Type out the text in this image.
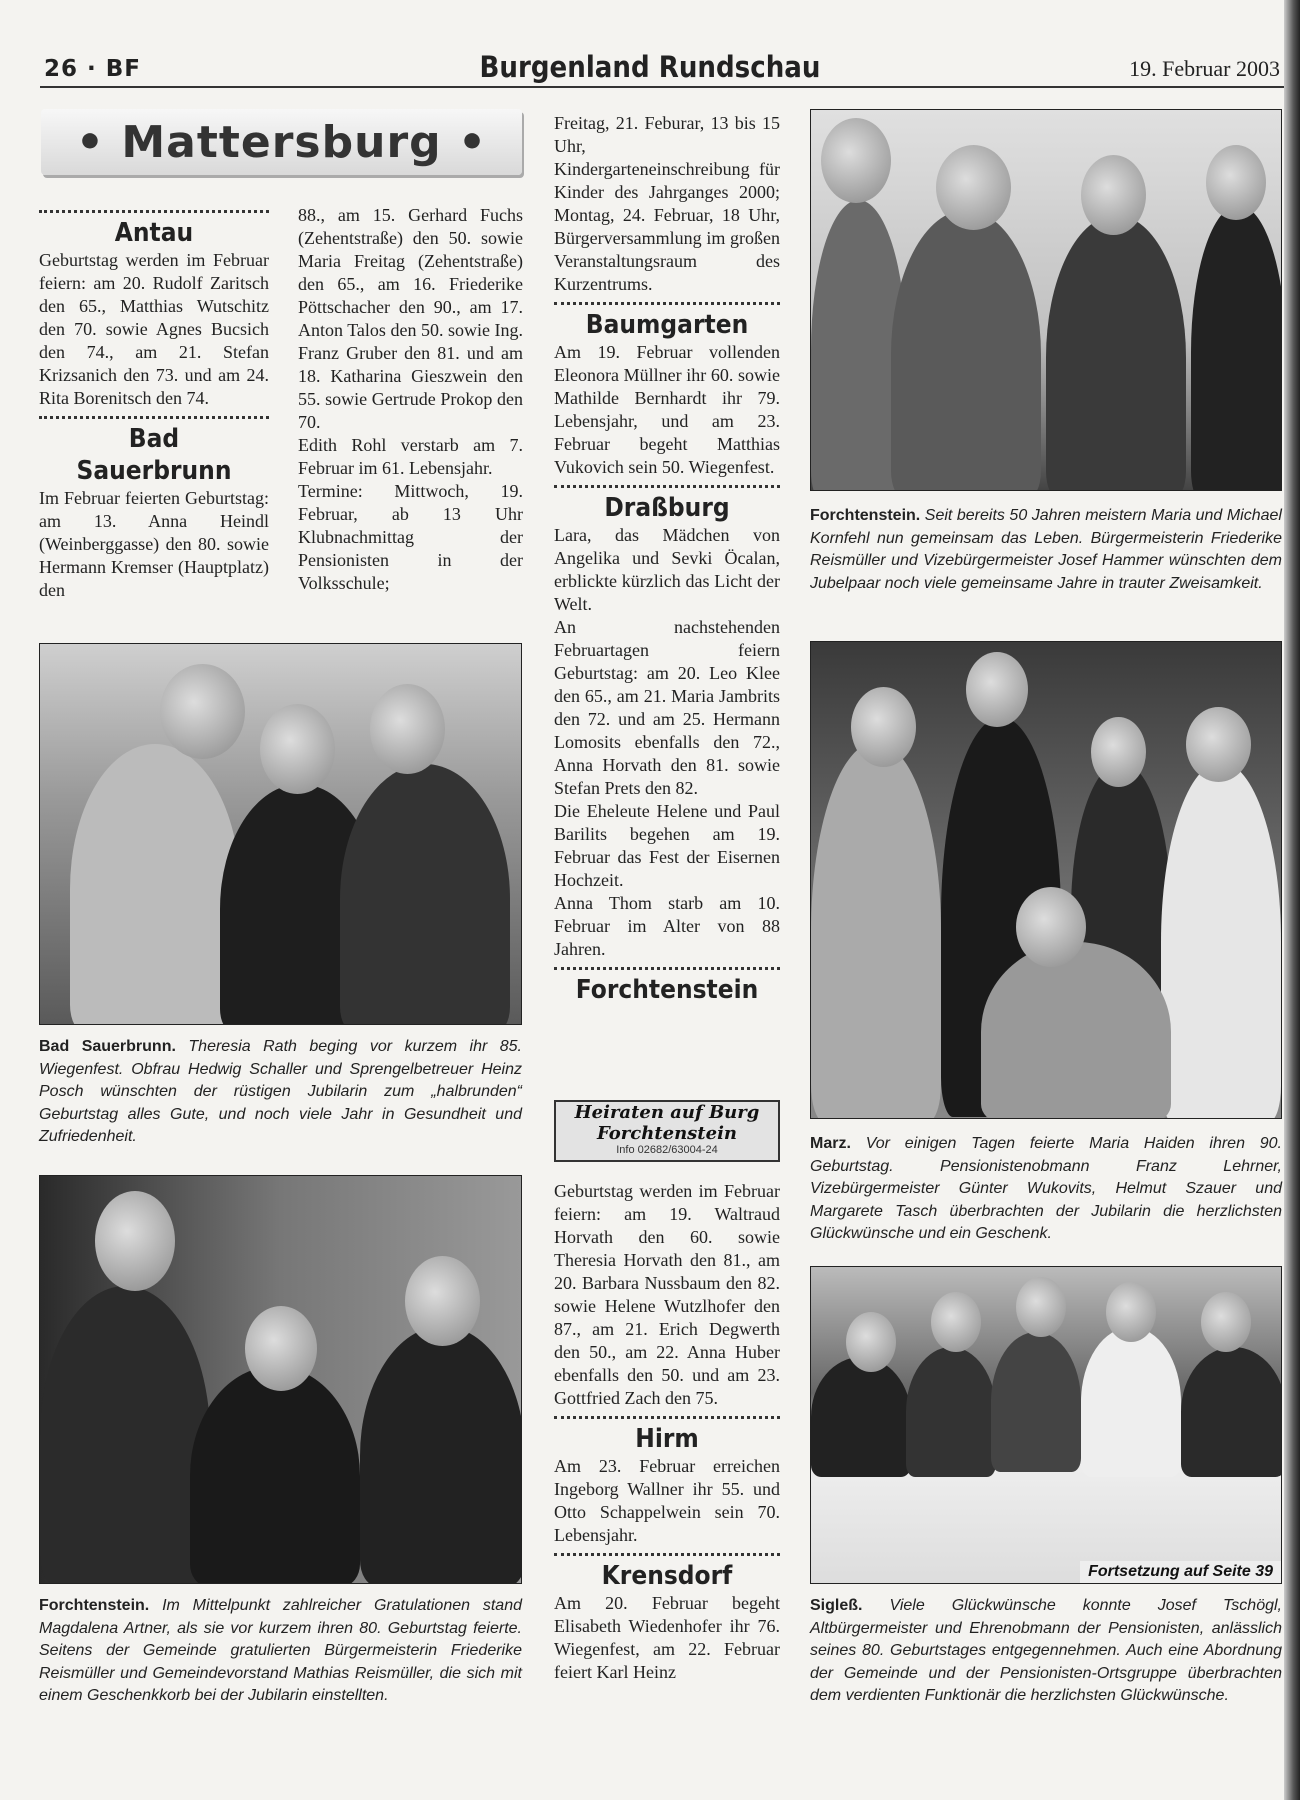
26 · BF	Burgenland Rundschau	19. Februar 2003
• Mattersburg •
Antau

Geburtstag werden im Februar feiern: am 20. Rudolf Zaritsch den 65., Matthias Wutschitz den 70. sowie Agnes Bucsich den 74., am 21. Stefan Krizsanich den 73. und am 24. Rita Borenitsch den 74.

Bad Sauerbrunn

Im Februar feierten Geburtstag: am 13. Anna Heindl (Weinberggasse) den 80. sowie Hermann Kremser (Hauptplatz) den

88., am 15. Gerhard Fuchs (Zehentstraße) den 50. sowie Maria Freitag (Zehentstraße) den 65., am 16. Friederike Pöttschacher den 90., am 17. Anton Talos den 50. sowie Ing. Franz Gruber den 81. und am 18. Katharina Gieszwein den 55. sowie Gertrude Prokop den 70.

Edith Rohl verstarb am 7. Februar im 61. Lebensjahr.

Termine: Mittwoch, 19. Februar, ab 13 Uhr Klubnachmittag der Pensionisten in der Volksschule;

Freitag, 21. Feburar, 13 bis 15 Uhr, Kindergarteneinschreibung für Kinder des Jahrganges 2000; Montag, 24. Februar, 18 Uhr, Bürgerversammlung im großen Veranstaltungsraum des Kurzentrums.

Baumgarten

Am 19. Februar vollenden Eleonora Müllner ihr 60. sowie Mathilde Bernhardt ihr 79. Lebensjahr, und am 23. Februar begeht Matthias Vukovich sein 50. Wiegenfest.

Draßburg

Lara, das Mädchen von Angelika und Sevki Öcalan, erblickte kürzlich das Licht der Welt.

An nachstehenden Februartagen feiern Geburtstag: am 20. Leo Klee den 65., am 21. Maria Jambrits den 72. und am 25. Hermann Lomosits ebenfalls den 72., Anna Horvath den 81. sowie Stefan Prets den 82.

Die Eheleute Helene und Paul Barilits begehen am 19. Februar das Fest der Eisernen Hochzeit.

Anna Thom starb am 10. Februar im Alter von 88 Jahren.

Forchtenstein
Heiraten auf Burg
Forchtenstein
Info 02682/63004-24

Geburtstag werden im Februar feiern: am 19. Waltraud Horvath den 60. sowie Theresia Horvath den 81., am 20. Barbara Nussbaum den 82. sowie Helene Wutzlhofer den 87., am 21. Erich Degwerth den 50., am 22. Anna Huber ebenfalls den 50. und am 23. Gottfried Zach den 75.

Hirm

Am 23. Februar erreichen Ingeborg Wallner ihr 55. und Otto Schappelwein sein 70. Lebensjahr.

Krensdorf

Am 20. Februar begeht Elisabeth Wiedenhofer ihr 76. Wiegenfest, am 22. Februar feiert Karl Heinz

Bad Sauerbrunn. Theresia Rath beging vor kurzem ihr 85. Wiegenfest. Obfrau Hedwig Schaller und Sprengelbetreuer Heinz Posch wünschten der rüstigen Jubilarin zum „halbrunden“ Geburtstag alles Gute, und noch viele Jahr in Gesundheit und Zufriedenheit.
Forchtenstein. Im Mittelpunkt zahlreicher Gratulationen stand Magdalena Artner, als sie vor kurzem ihren 80. Geburtstag feierte. Seitens der Gemeinde gratulierten Bürgermeisterin Friederike Reismüller und Gemeindevorstand Mathias Reismüller, die sich mit einem Geschenkkorb bei der Jubilarin einstellten.
Forchtenstein. Seit bereits 50 Jahren meistern Maria und Michael Kornfehl nun gemeinsam das Leben. Bürgermeisterin Friederike Reismüller und Vizebürgermeister Josef Hammer wünschten dem Jubelpaar noch viele gemeinsame Jahre in trauter Zweisamkeit.
Marz. Vor einigen Tagen feierte Maria Haiden ihren 90. Geburtstag. Pensionistenobmann Franz Lehrner, Vizebürgermeister Günter Wukovits, Helmut Szauer und Margarete Tasch überbrachten der Jubilarin die herzlichsten Glückwünsche und ein Geschenk.
Fortsetzung auf Seite 39
Sigleß. Viele Glückwünsche konnte Josef Tschögl, Altbürgermeister und Ehrenobmann der Pensionisten, anlässlich seines 80. Geburtstages entgegennehmen. Auch eine Abordnung der Gemeinde und der Pensionisten-Ortsgruppe überbrachten dem verdienten Funktionär die herzlichsten Glückwünsche.
